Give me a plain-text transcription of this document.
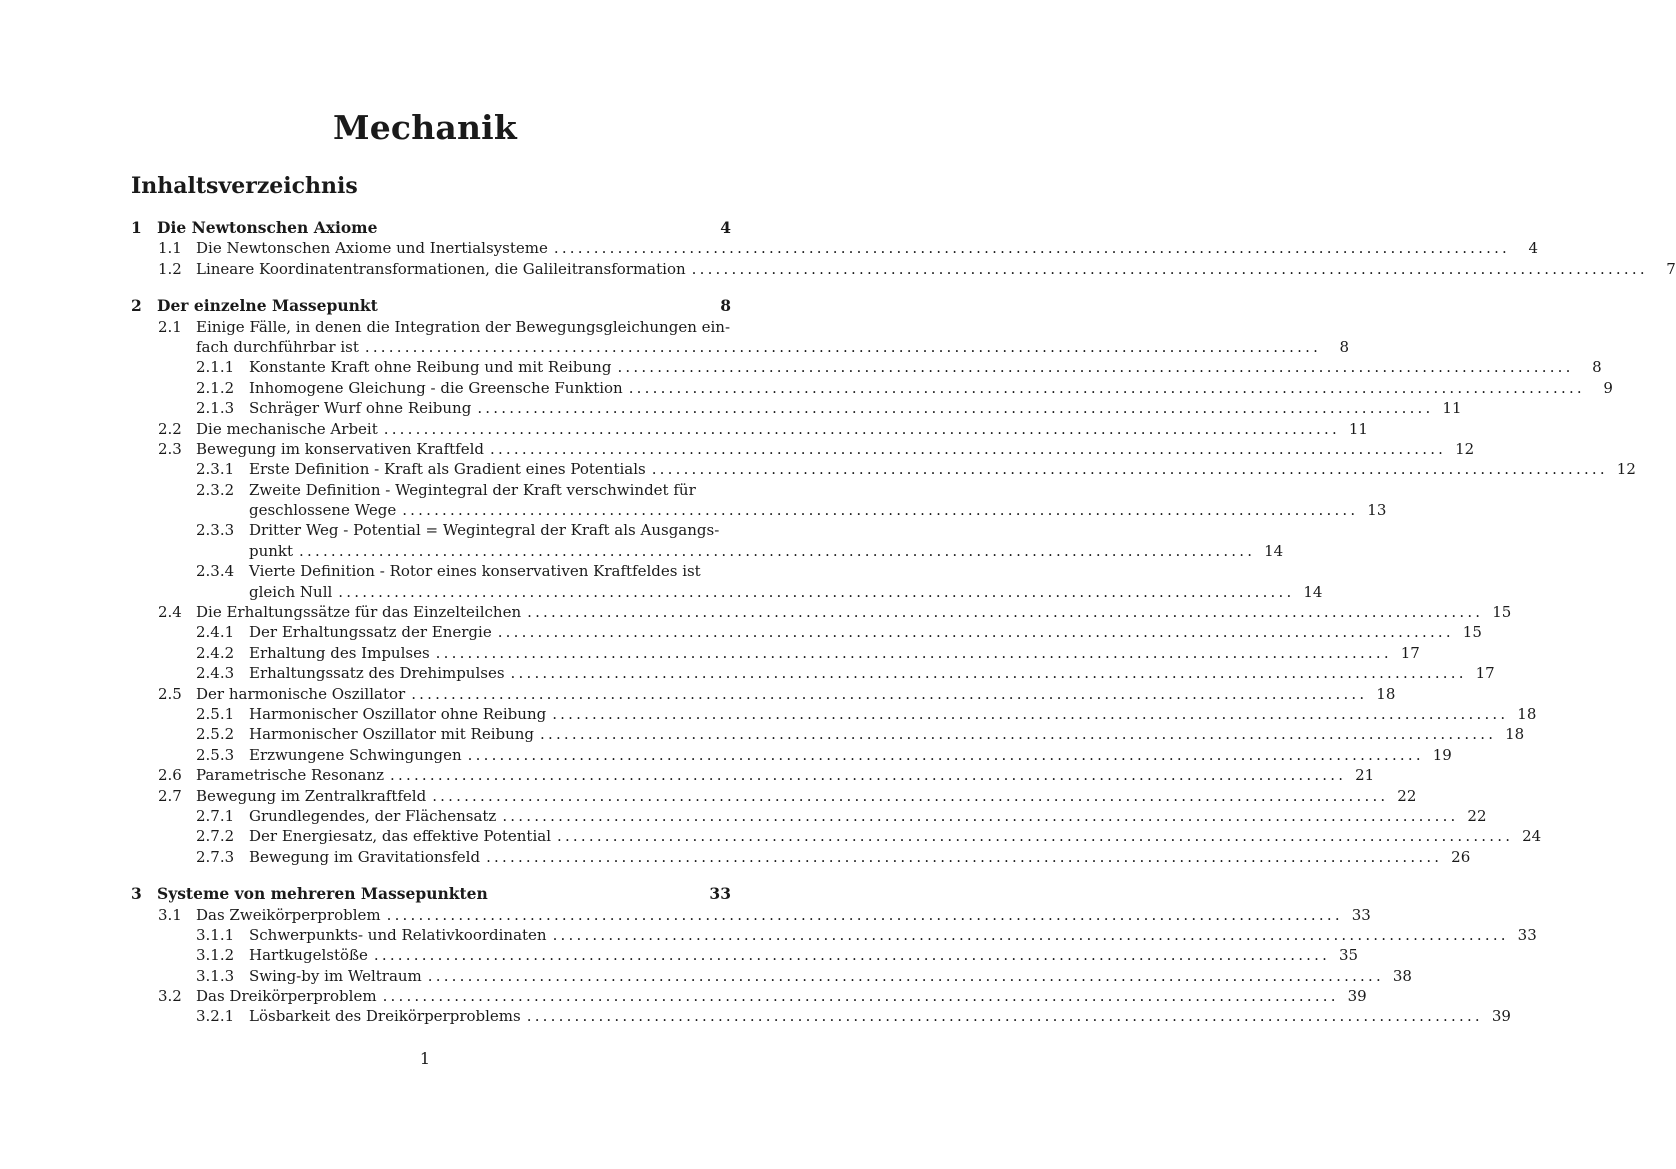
Mechanik
Inhaltsverzeichnis
1 Die Newtonschen Axiome	4
1.1 Die Newtonschen Axiome und Inertialsysteme ........................................................................................................................	4
1.2 Lineare Koordinatentransformationen, die Galileitransformation ........................................................................................................................	7
2 Der einzelne Massepunkt	8
2.1 Einige Fälle, in denen die Integration der Bewegungsgleichungen ein-
fach durchführbar ist ........................................................................................................................	8
2.1.1 Konstante Kraft ohne Reibung und mit Reibung ........................................................................................................................	8
2.1.2 Inhomogene Gleichung - die Greensche Funktion ........................................................................................................................	9
2.1.3 Schräger Wurf ohne Reibung ........................................................................................................................ 11
2.2 Die mechanische Arbeit ........................................................................................................................ 11
2.3 Bewegung im konservativen Kraftfeld ........................................................................................................................ 12
2.3.1 Erste Definition - Kraft als Gradient eines Potentials ........................................................................................................................ 12
2.3.2 Zweite Definition - Wegintegral der Kraft verschwindet für
geschlossene Wege ........................................................................................................................ 13
2.3.3 Dritter Weg - Potential = Wegintegral der Kraft als Ausgangs-
punkt ........................................................................................................................ 14
2.3.4 Vierte Definition - Rotor eines konservativen Kraftfeldes ist
gleich Null ........................................................................................................................ 14
2.4 Die Erhaltungssätze für das Einzelteilchen ........................................................................................................................ 15
2.4.1 Der Erhaltungssatz der Energie ........................................................................................................................ 15
2.4.2 Erhaltung des Impulses ........................................................................................................................ 17
2.4.3 Erhaltungssatz des Drehimpulses ........................................................................................................................ 17
2.5 Der harmonische Oszillator ........................................................................................................................ 18
2.5.1 Harmonischer Oszillator ohne Reibung ........................................................................................................................ 18
2.5.2 Harmonischer Oszillator mit Reibung ........................................................................................................................ 18
2.5.3 Erzwungene Schwingungen ........................................................................................................................ 19
2.6 Parametrische Resonanz ........................................................................................................................ 21
2.7 Bewegung im Zentralkraftfeld ........................................................................................................................ 22
2.7.1 Grundlegendes, der Flächensatz ........................................................................................................................ 22
2.7.2 Der Energiesatz, das effektive Potential ........................................................................................................................ 24
2.7.3 Bewegung im Gravitationsfeld ........................................................................................................................ 26
3 Systeme von mehreren Massepunkten	33
3.1 Das Zweikörperproblem ........................................................................................................................ 33
3.1.1 Schwerpunkts- und Relativkoordinaten ........................................................................................................................ 33
3.1.2 Hartkugelstöße ........................................................................................................................ 35
3.1.3 Swing-by im Weltraum ........................................................................................................................ 38
3.2 Das Dreikörperproblem ........................................................................................................................ 39
3.2.1 Lösbarkeit des Dreikörperproblems ........................................................................................................................ 39
1
